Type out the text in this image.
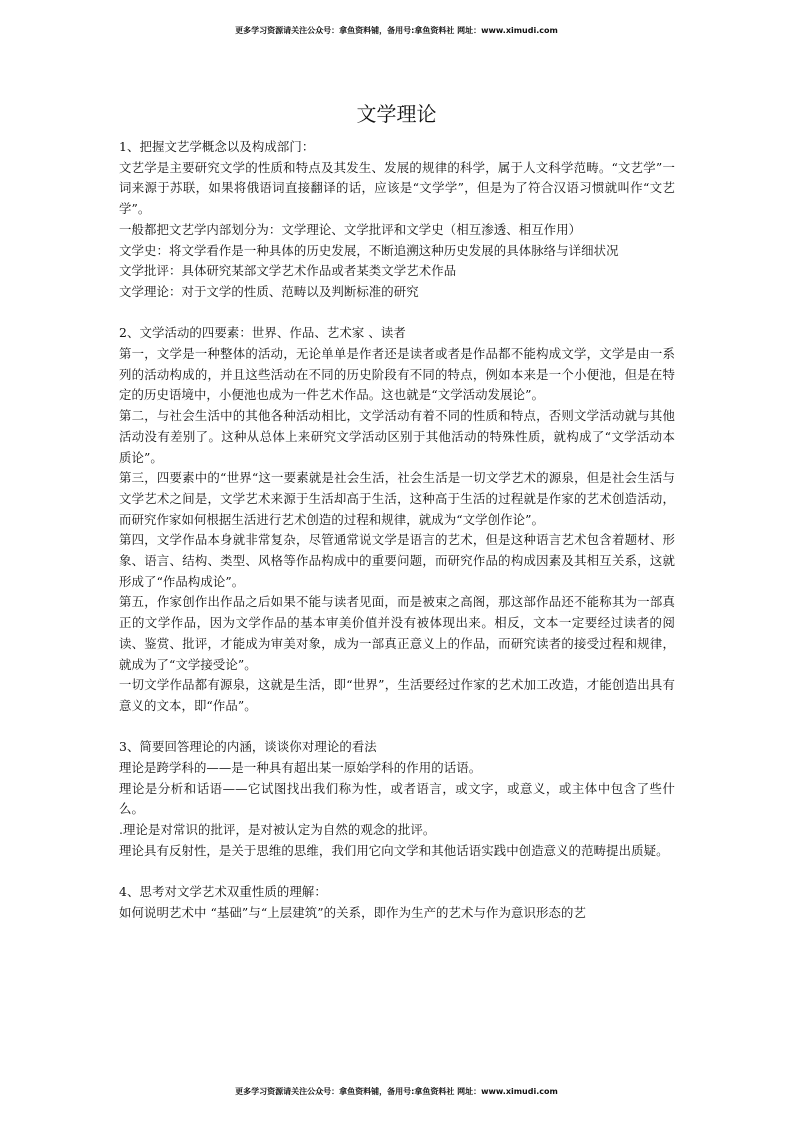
更多学习资源请关注公众号：拿鱼资料铺，备用号:拿鱼资料社 网址：www.ximudi.com
文学理论

1、把握文艺学概念以及构成部门：

文艺学是主要研究文学的性质和特点及其发生、发展的规律的科学，属于人文科学范畴。“文艺学”一词来源于苏联，如果将俄语词直接翻译的话，应该是“文学学”，但是为了符合汉语习惯就叫作“文艺学”。

一般都把文艺学内部划分为：文学理论、文学批评和文学史（相互渗透、相互作用）

文学史：将文学看作是一种具体的历史发展，不断追溯这种历史发展的具体脉络与详细状况

文学批评：具体研究某部文学艺术作品或者某类文学艺术作品

文学理论：对于文学的性质、范畴以及判断标准的研究

2、文学活动的四要素：世界、作品、艺术家 、读者

第一，文学是一种整体的活动，无论单单是作者还是读者或者是作品都不能构成文学，文学是由一系列的活动构成的，并且这些活动在不同的历史阶段有不同的特点，例如本来是一个小便池，但是在特定的历史语境中，小便池也成为一件艺术作品。这也就是“文学活动发展论”。

第二，与社会生活中的其他各种活动相比，文学活动有着不同的性质和特点，否则文学活动就与其他活动没有差别了。这种从总体上来研究文学活动区别于其他活动的特殊性质，就构成了“文学活动本质论”。

第三，四要素中的“世界“这一要素就是社会生活，社会生活是一切文学艺术的源泉，但是社会生活与文学艺术之间是，文学艺术来源于生活却高于生活，这种高于生活的过程就是作家的艺术创造活动，而研究作家如何根据生活进行艺术创造的过程和规律，就成为“文学创作论”。

第四，文学作品本身就非常复杂，尽管通常说文学是语言的艺术，但是这种语言艺术包含着题材、形象、语言、结构、类型、风格等作品构成中的重要问题，而研究作品的构成因素及其相互关系，这就形成了“作品构成论”。

第五，作家创作出作品之后如果不能与读者见面，而是被束之高阁，那这部作品还不能称其为一部真正的文学作品，因为文学作品的基本审美价值并没有被体现出来。相反，文本一定要经过读者的阅读、鉴赏、批评，才能成为审美对象，成为一部真正意义上的作品，而研究读者的接受过程和规律，就成为了“文学接受论”。

一切文学作品都有源泉，这就是生活，即“世界”，生活要经过作家的艺术加工改造，才能创造出具有意义的文本，即“作品”。

3、简要回答理论的内涵，谈谈你对理论的看法

理论是跨学科的——是一种具有超出某一原始学科的作用的话语。

理论是分析和话语——它试图找出我们称为性，或者语言，或文字，或意义，或主体中包含了些什么。

.理论是对常识的批评，是对被认定为自然的观念的批评。

理论具有反射性，是关于思维的思维，我们用它向文学和其他话语实践中创造意义的范畴提出质疑。

4、思考对文学艺术双重性质的理解：

如何说明艺术中 “基础”与“上层建筑”的关系，即作为生产的艺术与作为意识形态的艺

更多学习资源请关注公众号：拿鱼资料铺，备用号:拿鱼资料社 网址：www.ximudi.com
